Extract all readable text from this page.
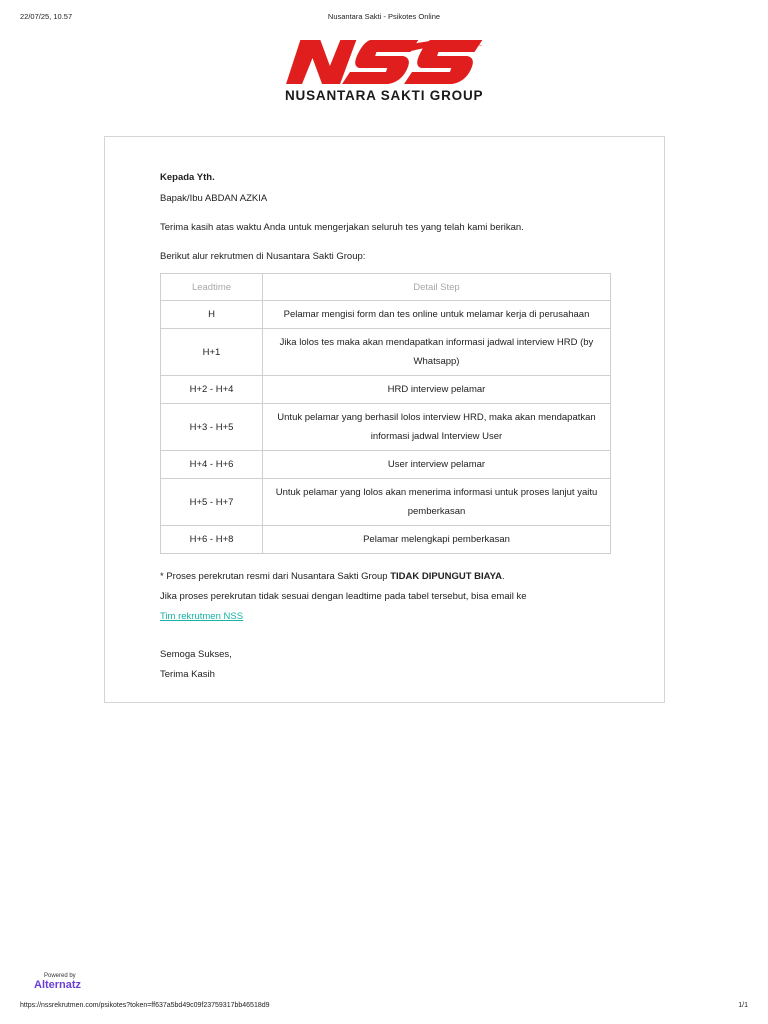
22/07/25, 10.57	Nusantara Sakti - Psikotes Online
NUSANTARA SAKTI GROUP
Kepada Yth.
Bapak/Ibu ABDAN AZKIA
Terima kasih atas waktu Anda untuk mengerjakan seluruh tes yang telah kami berikan.
Berikut alur rekrutmen di Nusantara Sakti Group:
Leadtime	Detail Step
H	Pelamar mengisi form dan tes online untuk melamar kerja di perusahaan
H+1	Jika lolos tes maka akan mendapatkan informasi jadwal interview HRD (by Whatsapp)
H+2 - H+4	HRD interview pelamar
H+3 - H+5	Untuk pelamar yang berhasil lolos interview HRD, maka akan mendapatkan informasi jadwal Interview User
H+4 - H+6	User interview pelamar
H+5 - H+7	Untuk pelamar yang lolos akan menerima informasi untuk proses lanjut yaitu pemberkasan
H+6 - H+8	Pelamar melengkapi pemberkasan
* Proses perekrutan resmi dari Nusantara Sakti Group TIDAK DIPUNGUT BIAYA.
Jika proses perekrutan tidak sesuai dengan leadtime pada tabel tersebut, bisa email ke
Tim rekrutmen NSS
Semoga Sukses,
Terima Kasih
Powered by
Alternatz
https://nssrekrutmen.com/psikotes?token=ff637a5bd49c09f23759317bb46518d9	1/1
